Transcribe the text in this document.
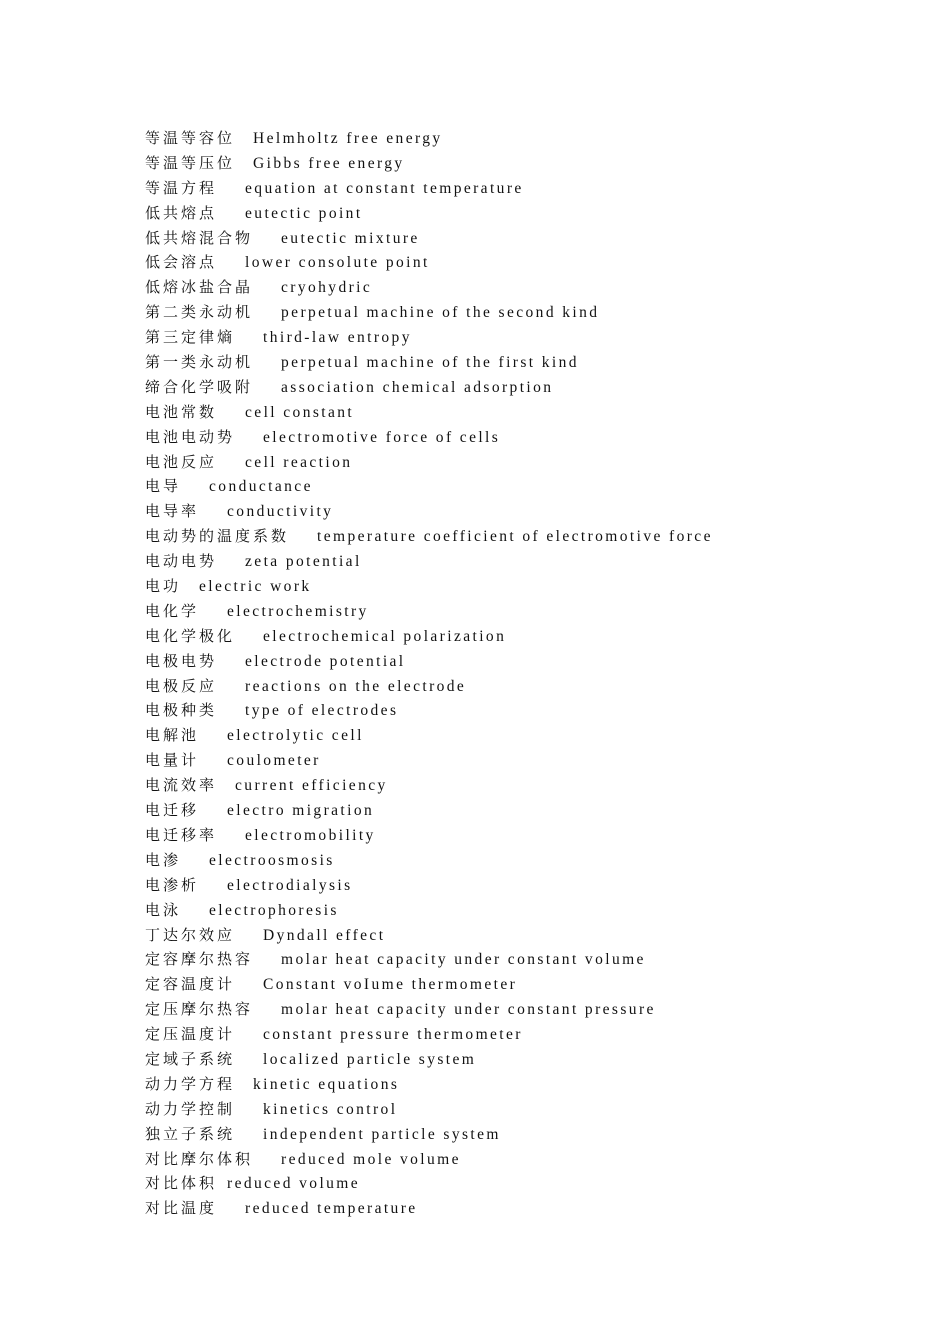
等温等容位 Helmholtz free energy
等温等压位 Gibbs free energy
等温方程 equation at constant temperature
低共熔点 eutectic point
低共熔混合物 eutectic mixture
低会溶点 lower consolute point
低熔冰盐合晶 cryohydric
第二类永动机 perpetual machine of the second kind
第三定律熵 third-law entropy
第一类永动机 perpetual machine of the first kind
缔合化学吸附 association chemical adsorption
电池常数 cell constant
电池电动势 electromotive force of cells
电池反应 cell reaction
电导 conductance
电导率 conductivity
电动势的温度系数 temperature coefficient of electromotive force
电动电势 zeta potential
电功 electric work
电化学 electrochemistry
电化学极化 electrochemical polarization
电极电势 electrode potential
电极反应 reactions on the electrode
电极种类 type of electrodes
电解池 electrolytic cell
电量计 coulometer
电流效率 current efficiency
电迁移 electro migration
电迁移率 electromobility
电渗 electroosmosis
电渗析 electrodialysis
电泳 electrophoresis
丁达尔效应 Dyndall effect
定容摩尔热容 molar heat capacity under constant volume
定容温度计 Constant voIume thermometer
定压摩尔热容 molar heat capacity under constant pressure
定压温度计 constant pressure thermometer
定域子系统 localized particle system
动力学方程 kinetic equations
动力学控制 kinetics control
独立子系统 independent particle system
对比摩尔体积 reduced mole volume
对比体积 reduced volume
对比温度 reduced temperature
